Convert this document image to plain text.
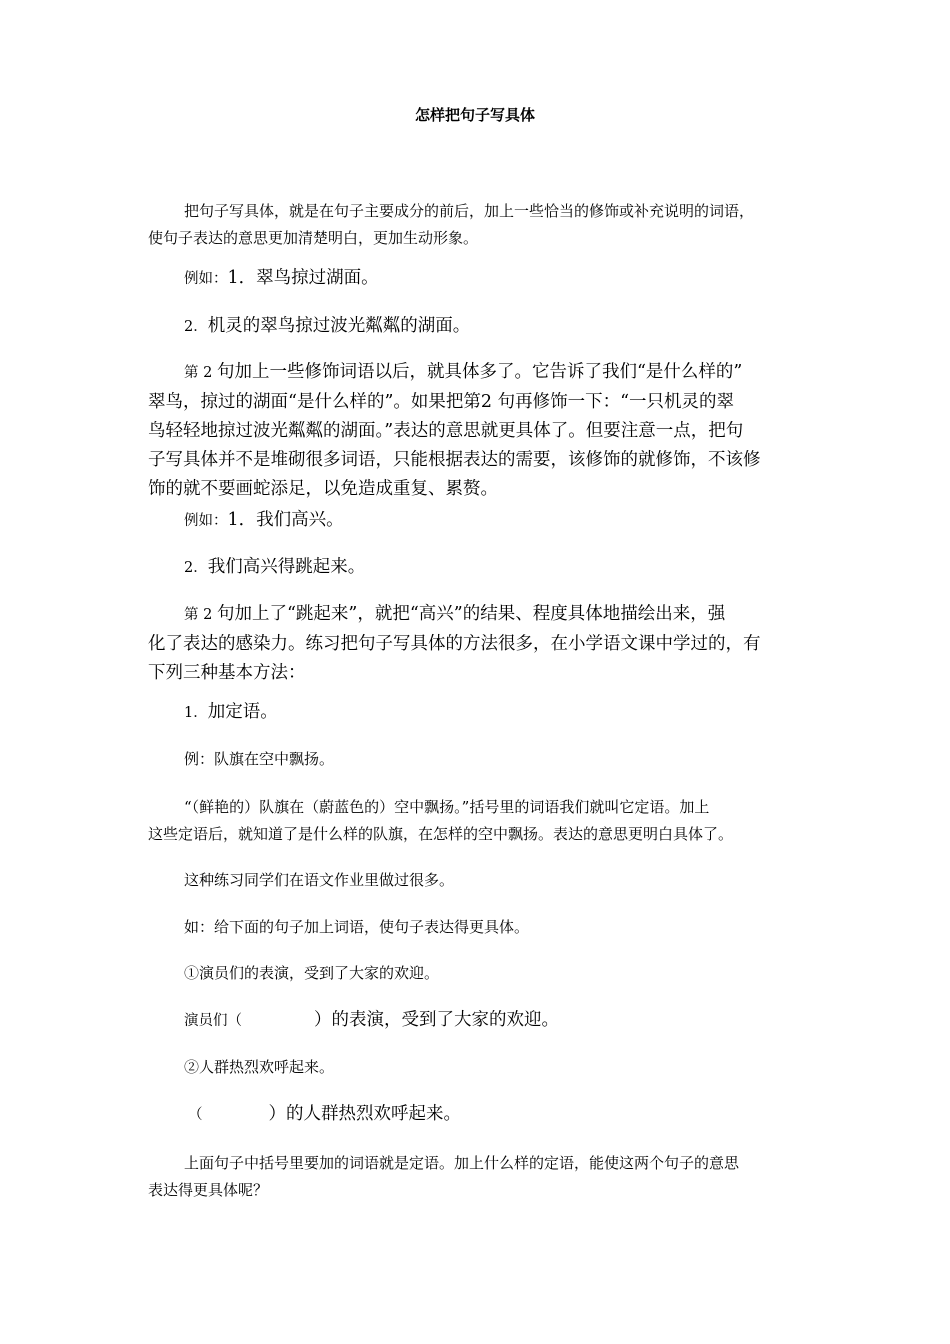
怎样把句子写具体
把句子写具体，就是在句子主要成分的前后，加上一些恰当的修饰或补充说明的词语，
使句子表达的意思更加清楚明白，更加生动形象。
例如：1．翠鸟掠过湖面。
2．机灵的翠鸟掠过波光粼粼的湖面。
第 2 句加上一些修饰词语以后，就具体多了。它告诉了我们“是什么样的”
翠鸟，掠过的湖面“是什么样的”。如果把第2 句再修饰一下：“一只机灵的翠
鸟轻轻地掠过波光粼粼的湖面。”表达的意思就更具体了。但要注意一点，把句
子写具体并不是堆砌很多词语，只能根据表达的需要，该修饰的就修饰，不该修
饰的就不要画蛇添足，以免造成重复、累赘。
例如：1．我们高兴。
2．我们高兴得跳起来。
第 2 句加上了“跳起来”，就把“高兴”的结果、程度具体地描绘出来，强
化了表达的感染力。练习把句子写具体的方法很多，在小学语文课中学过的，有
下列三种基本方法：
1．加定语。
例：队旗在空中飘扬。
“（鲜艳的）队旗在（蔚蓝色的）空中飘扬。”括号里的词语我们就叫它定语。加上
这些定语后，就知道了是什么样的队旗，在怎样的空中飘扬。表达的意思更明白具体了。
这种练习同学们在语文作业里做过很多。
如：给下面的句子加上词语，使句子表达得更具体。
①演员们的表演，受到了大家的欢迎。
演员们（	）的表演，受到了大家的欢迎。
②人群热烈欢呼起来。
（	）的人群热烈欢呼起来。
上面句子中括号里要加的词语就是定语。加上什么样的定语，能使这两个句子的意思
表达得更具体呢？
